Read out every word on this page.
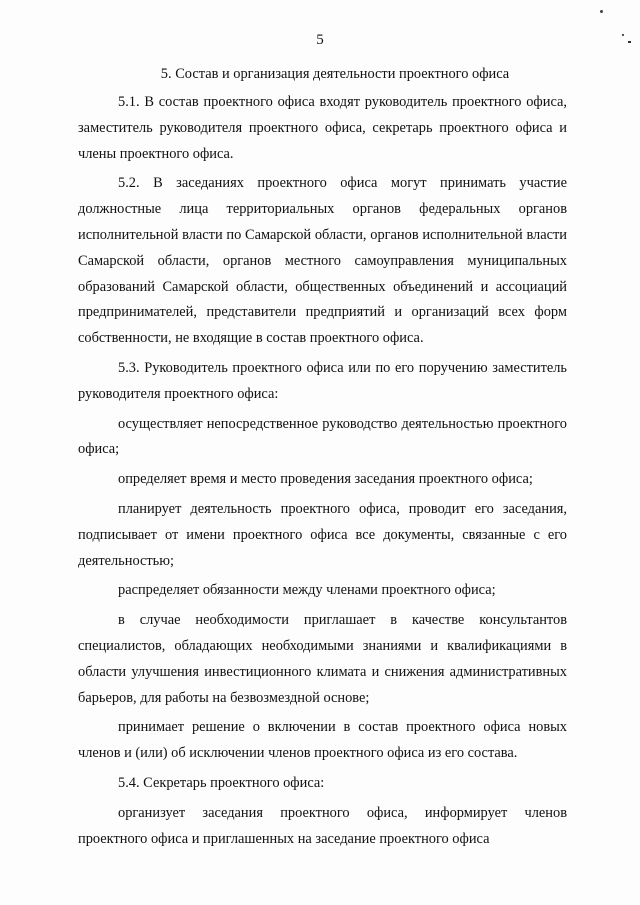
5
5. Состав и организация деятельности проектного офиса

5.1. В состав проектного офиса входят руководитель проектного офиса, заместитель руководителя проектного офиса, секретарь проектного офиса и члены проектного офиса.

5.2. В заседаниях проектного офиса могут принимать участие должностные лица территориальных органов федеральных органов исполнительной власти по Самарской области, органов исполнительной власти Самарской области, органов местного самоуправления муниципальных образований Самарской области, общественных объединений и ассоциаций предпринимателей, представители предприятий и организаций всех форм собственности, не входящие в состав проектного офиса.

5.3. Руководитель проектного офиса или по его поручению заместитель руководителя проектного офиса:

осуществляет непосредственное руководство деятельностью проектного офиса;

определяет время и место проведения заседания проектного офиса;

планирует деятельность проектного офиса, проводит его заседания, подписывает от имени проектного офиса все документы, связанные с его деятельностью;

распределяет обязанности между членами проектного офиса;

в случае необходимости приглашает в качестве консультантов специалистов, обладающих необходимыми знаниями и квалификациями в области улучшения инвестиционного климата и снижения административных барьеров, для работы на безвозмездной основе;

принимает решение о включении в состав проектного офиса новых членов и (или) об исключении членов проектного офиса из его состава.

5.4. Секретарь проектного офиса:

организует заседания проектного офиса, информирует членов проектного офиса и приглашенных на заседание проектного офиса
